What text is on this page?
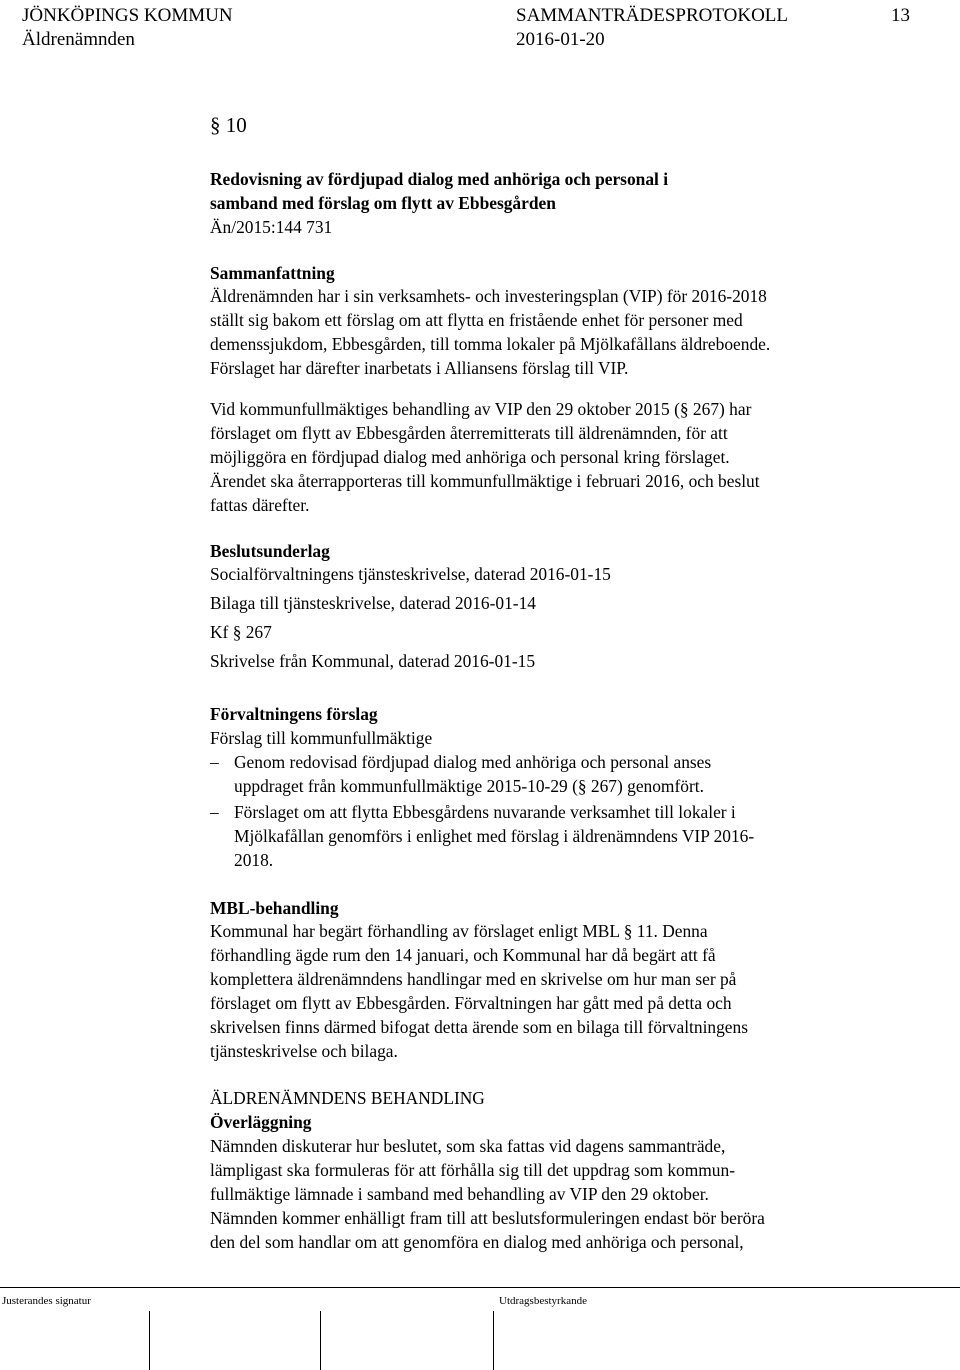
JÖNKÖPINGS KOMMUN
Äldrenämnden
SAMMANTRÄDESPROTOKOLL
2016-01-20
13
§ 10
Redovisning av fördjupad dialog med anhöriga och personal i
samband med förslag om flytt av Ebbesgården
Än/2015:144 731
Sammanfattning
Äldrenämnden har i sin verksamhets- och investeringsplan (VIP) för 2016-2018
ställt sig bakom ett förslag om att flytta en fristående enhet för personer med
demenssjukdom, Ebbesgården, till tomma lokaler på Mjölkafållans äldreboende.
Förslaget har därefter inarbetats i Alliansens förslag till VIP.
Vid kommunfullmäktiges behandling av VIP den 29 oktober 2015 (§ 267) har
förslaget om flytt av Ebbesgården återremitterats till äldrenämnden, för att
möjliggöra en fördjupad dialog med anhöriga och personal kring förslaget.
Ärendet ska återrapporteras till kommunfullmäktige i februari 2016, och beslut
fattas därefter.
Beslutsunderlag
Socialförvaltningens tjänsteskrivelse, daterad 2016-01-15
Bilaga till tjänsteskrivelse, daterad 2016-01-14
Kf § 267
Skrivelse från Kommunal, daterad 2016-01-15
Förvaltningens förslag
Förslag till kommunfullmäktige
– Genom redovisad fördjupad dialog med anhöriga och personal anses
uppdraget från kommunfullmäktige 2015-10-29 (§ 267) genomfört.
– Förslaget om att flytta Ebbesgårdens nuvarande verksamhet till lokaler i
Mjölkafållan genomförs i enlighet med förslag i äldrenämndens VIP 2016-
2018.
MBL-behandling
Kommunal har begärt förhandling av förslaget enligt MBL § 11. Denna
förhandling ägde rum den 14 januari, och Kommunal har då begärt att få
komplettera äldrenämndens handlingar med en skrivelse om hur man ser på
förslaget om flytt av Ebbesgården. Förvaltningen har gått med på detta och
skrivelsen finns därmed bifogat detta ärende som en bilaga till förvaltningens
tjänsteskrivelse och bilaga.
ÄLDRENÄMNDENS BEHANDLING
Överläggning
Nämnden diskuterar hur beslutet, som ska fattas vid dagens sammanträde,
lämpligast ska formuleras för att förhålla sig till det uppdrag som kommun-
fullmäktige lämnade i samband med behandling av VIP den 29 oktober.
Nämnden kommer enhälligt fram till att beslutsformuleringen endast bör beröra
den del som handlar om att genomföra en dialog med anhöriga och personal,
Justerandes signatur	Utdragsbestyrkande
